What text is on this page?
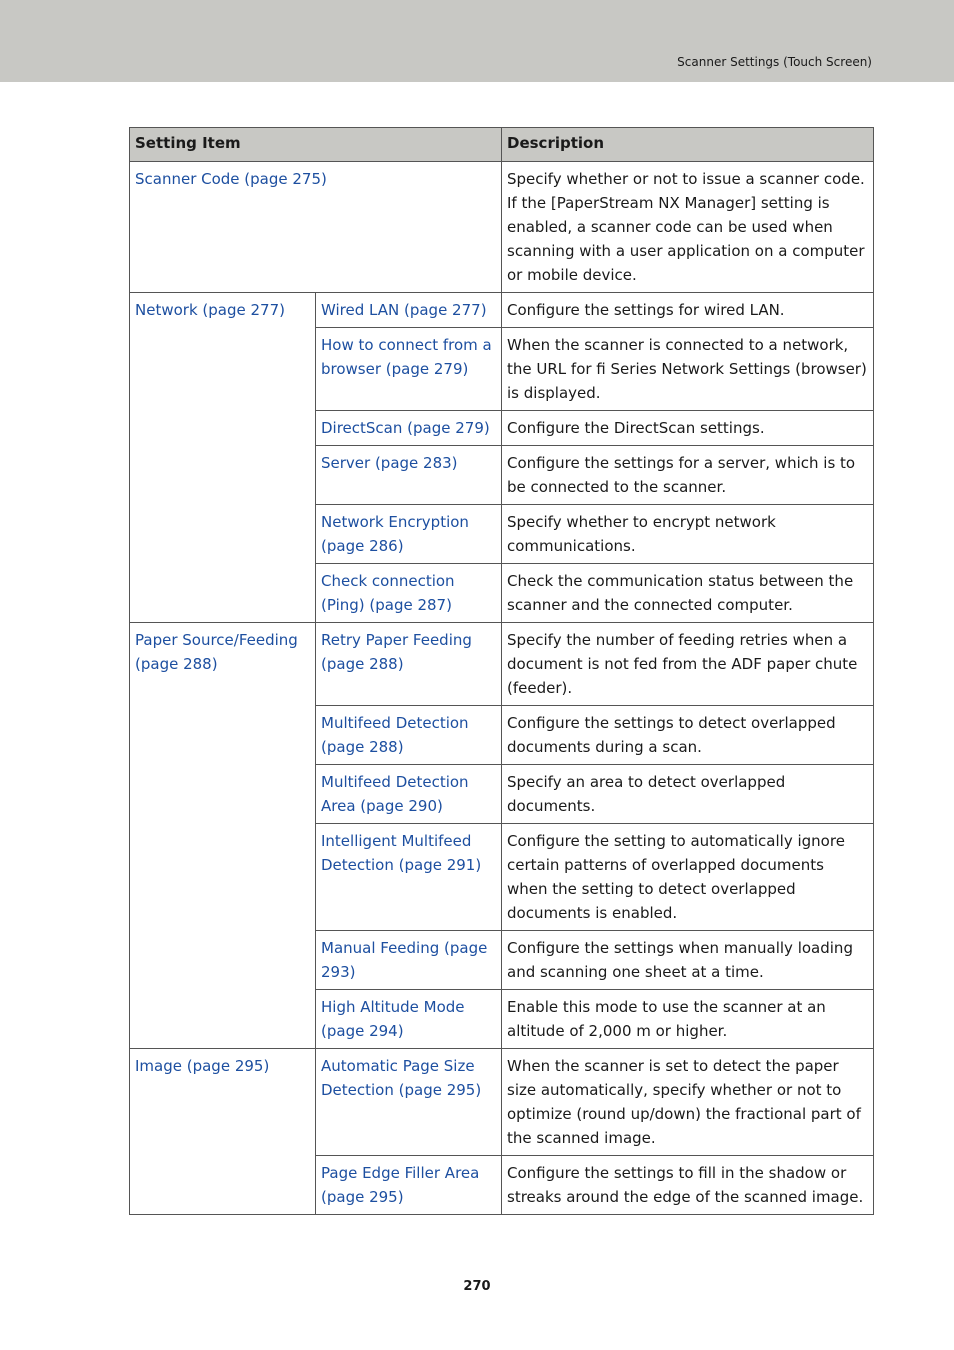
Scanner Settings (Touch Screen)
Setting Item		Description
Scanner Code (page 275)		Specify whether or not to issue a scanner code. If the [PaperStream NX Manager] setting is enabled, a scanner code can be used when scanning with a user application on a computer or mobile device.
Network (page 277)	Wired LAN (page 277)	Configure the settings for wired LAN.
	How to connect from a browser (page 279)	When the scanner is connected to a network, the URL for fi Series Network Settings (browser) is displayed.
	DirectScan (page 279)	Configure the DirectScan settings.
	Server (page 283)	Configure the settings for a server, which is to be connected to the scanner.
	Network Encryption (page 286)	Specify whether to encrypt network communications.
	Check connection (Ping) (page 287)	Check the communication status between the scanner and the connected computer.
Paper Source/Feeding (page 288)	Retry Paper Feeding (page 288)	Specify the number of feeding retries when a document is not fed from the ADF paper chute (feeder).
	Multifeed Detection (page 288)	Configure the settings to detect overlapped documents during a scan.
	Multifeed Detection Area (page 290)	Specify an area to detect overlapped documents.
	Intelligent Multifeed Detection (page 291)	Configure the setting to automatically ignore certain patterns of overlapped documents when the setting to detect overlapped documents is enabled.
	Manual Feeding (page 293)	Configure the settings when manually loading and scanning one sheet at a time.
	High Altitude Mode (page 294)	Enable this mode to use the scanner at an altitude of 2,000 m or higher.
Image (page 295)	Automatic Page Size Detection (page 295)	When the scanner is set to detect the paper size automatically, specify whether or not to optimize (round up/down) the fractional part of the scanned image.
	Page Edge Filler Area (page 295)	Configure the settings to fill in the shadow or streaks around the edge of the scanned image.
270
